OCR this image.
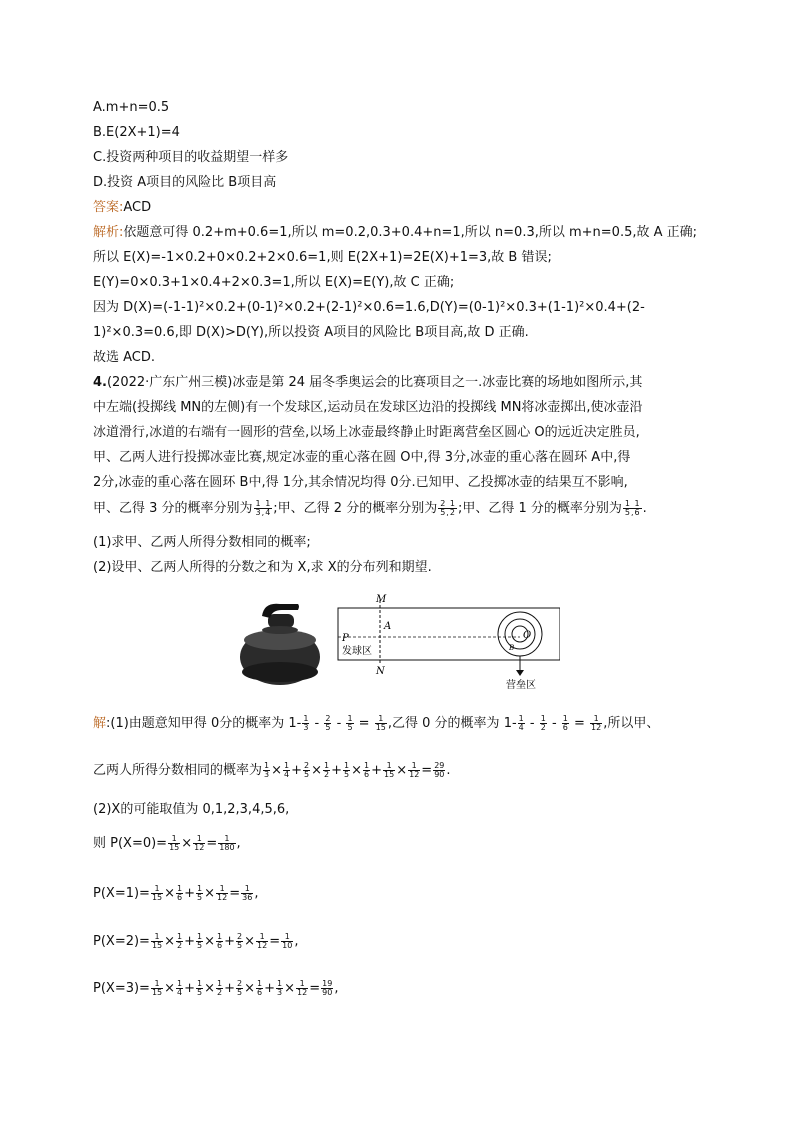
A.m+n=0.5
B.E(2X+1)=4
C.投资两种项目的收益期望一样多
D.投资 A项目的风险比 B项目高
答案:ACD
解析:依题意可得 0.2+m+0.6=1,所以 m=0.2,0.3+0.4+n=1,所以 n=0.3,所以 m+n=0.5,故 A 正确;
所以 E(X)=-1×0.2+0×0.2+2×0.6=1,则 E(2X+1)=2E(X)+1=3,故 B 错误;
E(Y)=0×0.3+1×0.4+2×0.3=1,所以 E(X)=E(Y),故 C 正确;
因为 D(X)=(-1-1)²×0.2+(0-1)²×0.2+(2-1)²×0.6=1.6,D(Y)=(0-1)²×0.3+(1-1)²×0.4+(2-
1)²×0.3=0.6,即 D(X)>D(Y),所以投资 A项目的风险比 B项目高,故 D 正确.
故选 ACD.
4.(2022·广东广州三模)冰壶是第 24 届冬季奥运会的比赛项目之一.冰壶比赛的场地如图所示,其
中左端(投掷线 MN的左侧)有一个发球区,运动员在发球区边沿的投掷线 MN将冰壶掷出,使冰壶沿
冰道滑行,冰道的右端有一圆形的营垒,以场上冰壶最终静止时距离营垒区圆心 O的远近决定胜员,
甲、乙两人进行投掷冰壶比赛,规定冰壶的重心落在圆 O中,得 3分,冰壶的重心落在圆环 A中,得
2分,冰壶的重心落在圆环 B中,得 1分,其余情况均得 0分.已知甲、乙投掷冰壶的结果互不影响,
甲、乙得 3 分的概率分别为 $\frac{1 1}{3,4}$ ;甲、乙得 2 分的概率分别为 $\frac{2 1}{5,2}$ ;甲、乙得 1 分的概率分别为 $\frac{1 1}{5,6}$ .
(1)求甲、乙两人所得分数相同的概率;
(2)设甲、乙两人所得的分数之和为 X,求 X的分布列和期望.
M
N
A
P
发球区
O
B
营垒区
解:(1)由题意知甲得 0分的概率为 $1- \frac{1}{3} - \frac{2}{5} - \frac{1}{5} = \frac{1}{15}$ ,乙得 0 分的概率为 $1- \frac{1}{4} - \frac{1}{2} - \frac{1}{6} = \frac{1}{12}$ ,所以甲、
乙两人所得分数相同的概率为 $\frac{1}{3} \times \frac{1}{4} + \frac{2}{5} \times \frac{1}{2} + \frac{1}{5} \times \frac{1}{6} + \frac{1}{15} \times \frac{1}{12} = \frac{29}{90}$ .
(2)X的可能取值为 0,1,2,3,4,5,6,
则 $P(X=0)= \frac{1}{15} \times \frac{1}{12} = \frac{1}{180}$ ,
$P(X=1)= \frac{1}{15} \times \frac{1}{6} + \frac{1}{5} \times \frac{1}{12} = \frac{1}{36}$ ,
$P(X=2)= \frac{1}{15} \times \frac{1}{2} + \frac{1}{5} \times \frac{1}{6} + \frac{2}{5} \times \frac{1}{12} = \frac{1}{10}$ ,
$P(X=3)= \frac{1}{15} \times \frac{1}{4} + \frac{1}{5} \times \frac{1}{2} + \frac{2}{5} \times \frac{1}{6} + \frac{1}{3} \times \frac{1}{12} = \frac{19}{90}$ ,
